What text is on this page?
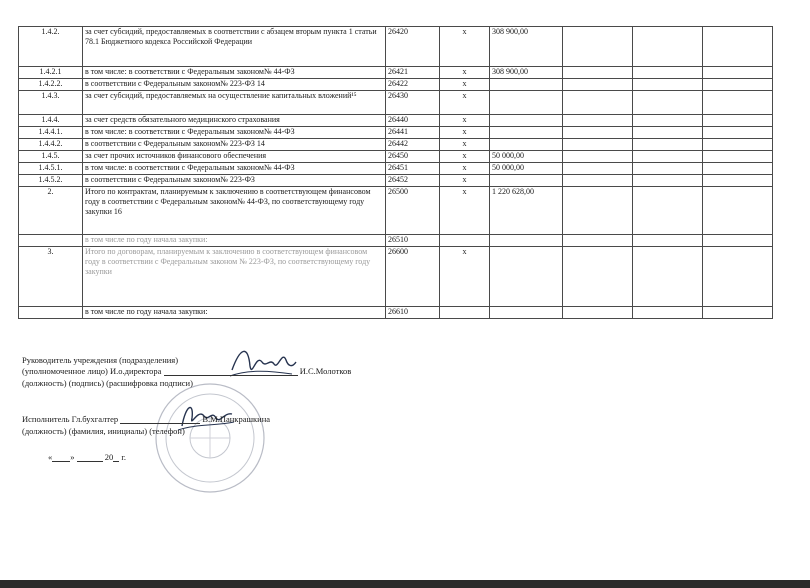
1.4.2.	за счет субсидий, предоставляемых в соответствии с абзацем вторым пункта 1 статьи 78.1 Бюджетного кодекса Российской Федерации	26420	x	308 900,00			
1.4.2.1	в том числе: в соответствии с Федеральным законом№ 44-ФЗ	26421	x	308 900,00			
1.4.2.2.	в соответствии с Федеральным законом№ 223-ФЗ 14	26422	x				
1.4.3.	за счет субсидий, предоставляемых на осуществление капитальных вложений¹⁵	26430	x				
1.4.4.	за счет средств обязательного медицинского страхования	26440	x				
1.4.4.1.	в том числе: в соответствии с Федеральным законом№ 44-ФЗ	26441	x				
1.4.4.2.	в соответствии с Федеральным законом№ 223-ФЗ 14	26442	x				
1.4.5.	за счет прочих источников финансового обеспечения	26450	x	50 000,00			
1.4.5.1.	в том числе: в соответствии с Федеральным законом№ 44-ФЗ	26451	x	50 000,00			
1.4.5.2.	в соответствии с Федеральным законом№ 223-ФЗ	26452	x				
2.	Итого по контрактам, планируемым к заключению в соответствующем финансовом году в соответствии с Федеральным законом№ 44-ФЗ, по соответствующему году закупки 16	26500	x	1 220 628,00			
	в том числе по году начала закупки:	26510					
3.	Итого по договорам, планируемым к заключению в соответствующем финансовом году в соответствии с Федеральным законом № 223-ФЗ, по соответствующему году закупки	26600	x				
	в том числе по году начала закупки:	26610					
Руководитель учреждения (подразделения)
(уполномоченное лицо) И.о.директора	И.С.Молотков
(должность) (подпись) (расшифровка подписи)
Исполнитель Гл.бухгалтер	В.М.Панкрашкина
(должность) (фамилия, инициалы) (телефон)
« »	20 г.
